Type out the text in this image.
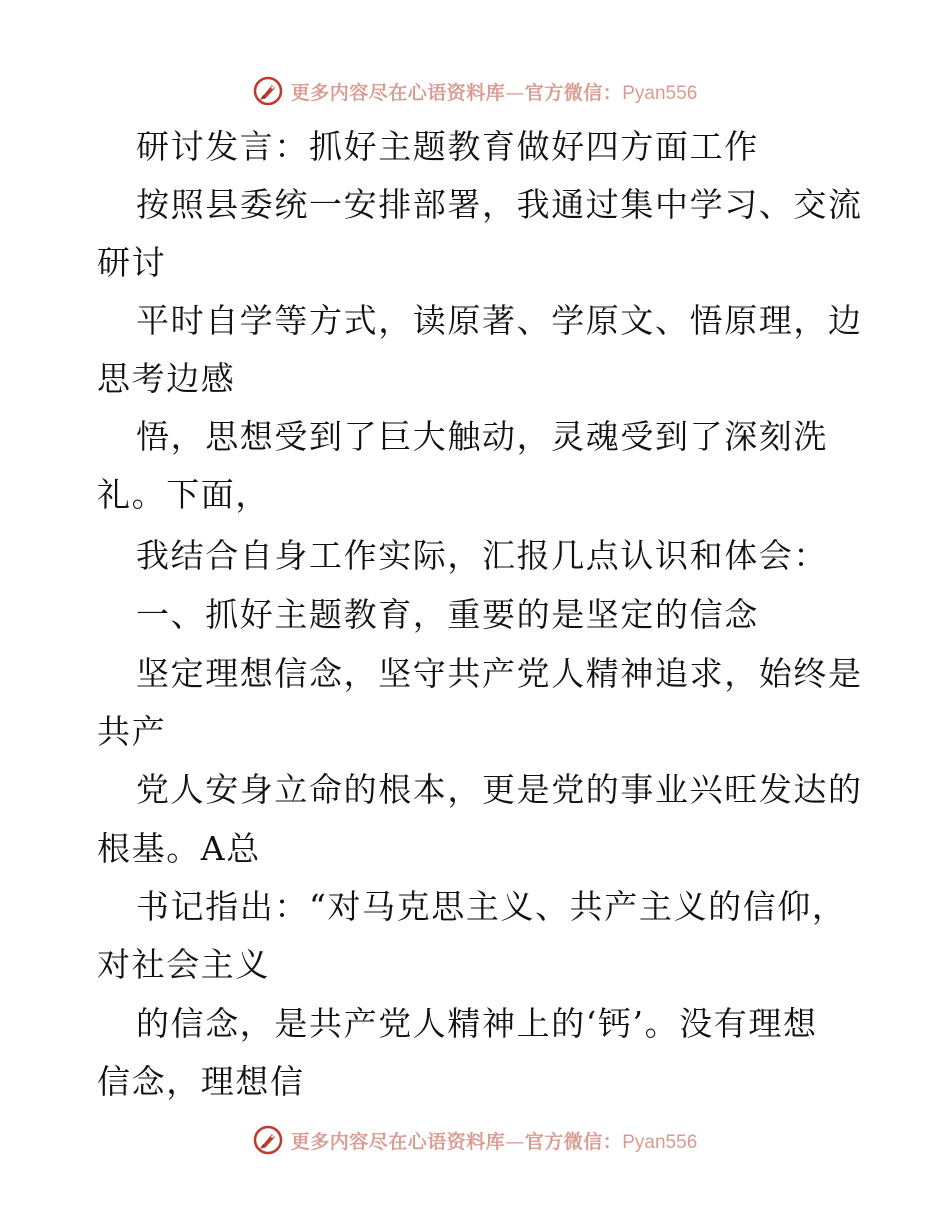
更多内容尽在心语资料库—官方微信：Pyan556
研讨发言：抓好主题教育做好四方面工作
按照县委统一安排部署，我通过集中学习、交流
研讨
平时自学等方式，读原著、学原文、悟原理，边
思考边感
悟，思想受到了巨大触动，灵魂受到了深刻洗
礼。下面，
我结合自身工作实际，汇报几点认识和体会：
一、抓好主题教育，重要的是坚定的信念
坚定理想信念，坚守共产党人精神追求，始终是
共产
党人安身立命的根本，更是党的事业兴旺发达的
根基。A总
书记指出：“对马克思主义、共产主义的信仰，
对社会主义
的信念，是共产党人精神上的‘钙’。没有理想
信念，理想信
更多内容尽在心语资料库—官方微信：Pyan556
